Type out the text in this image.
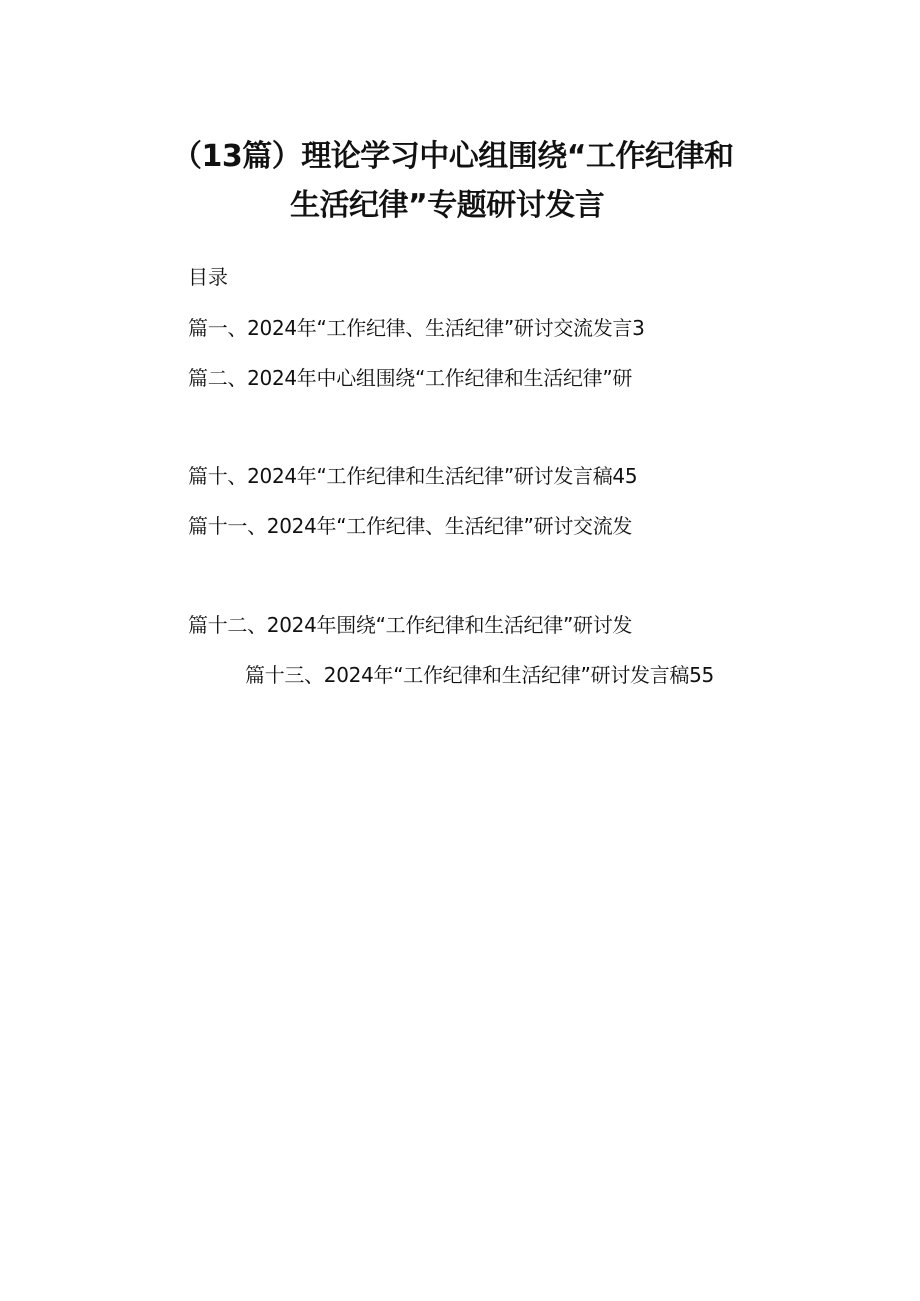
（13篇）理论学习中心组围绕“工作纪律和
生活纪律”专题研讨发言
目录
篇一、2024年“工作纪律、生活纪律”研讨交流发言3
篇二、2024年中心组围绕“工作纪律和生活纪律”研
篇十、2024年“工作纪律和生活纪律”研讨发言稿45
篇十一、2024年“工作纪律、生活纪律”研讨交流发
篇十二、2024年围绕“工作纪律和生活纪律”研讨发
篇十三、2024年“工作纪律和生活纪律”研讨发言稿55
